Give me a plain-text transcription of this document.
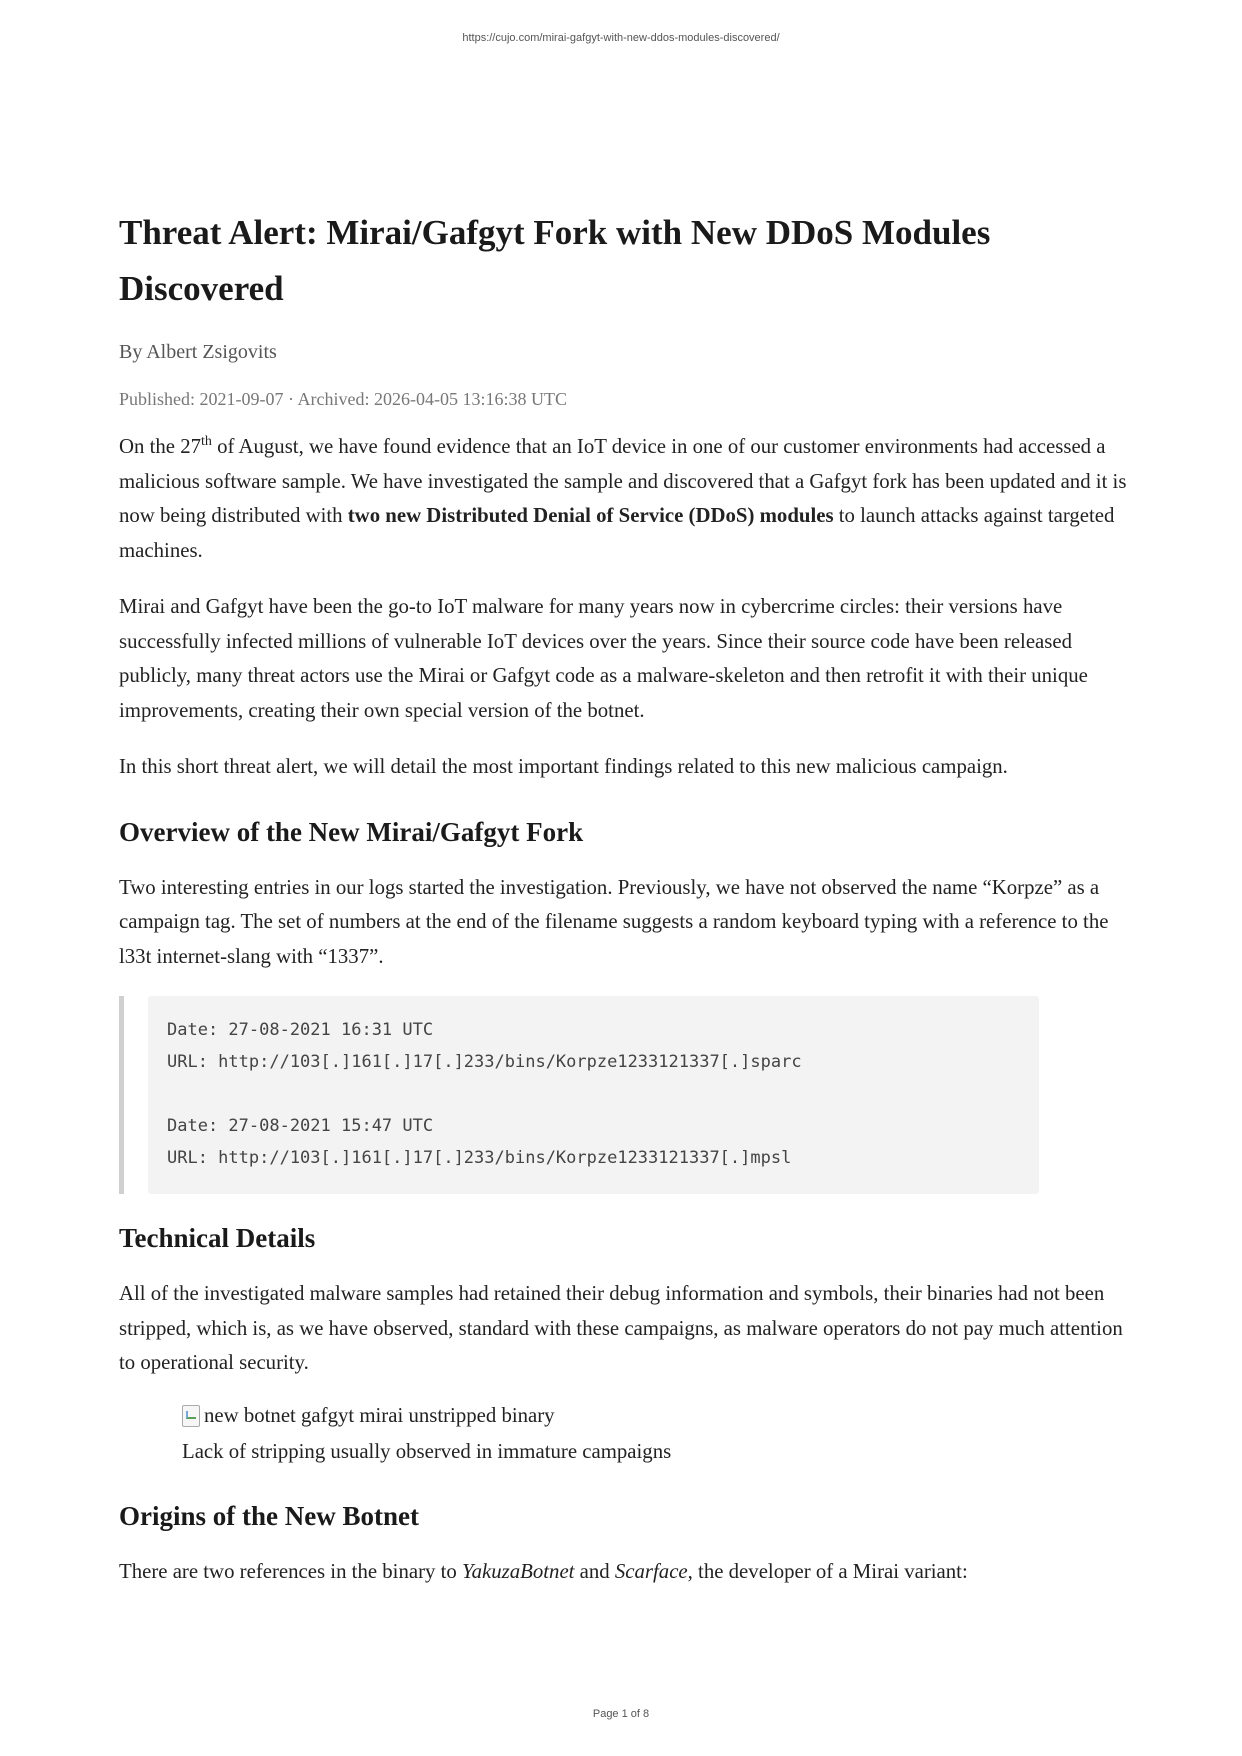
https://cujo.com/mirai-gafgyt-with-new-ddos-modules-discovered/
Threat Alert: Mirai/Gafgyt Fork with New DDoS Modules Discovered
By Albert Zsigovits
Published: 2021-09-07 · Archived: 2026-04-05 13:16:38 UTC

On the 27th of August, we have found evidence that an IoT device in one of our customer environments had accessed a malicious software sample. We have investigated the sample and discovered that a Gafgyt fork has been updated and it is now being distributed with two new Distributed Denial of Service (DDoS) modules to launch attacks against targeted machines.

Mirai and Gafgyt have been the go-to IoT malware for many years now in cybercrime circles: their versions have successfully infected millions of vulnerable IoT devices over the years. Since their source code have been released publicly, many threat actors use the Mirai or Gafgyt code as a malware-skeleton and then retrofit it with their unique improvements, creating their own special version of the botnet.

In this short threat alert, we will detail the most important findings related to this new malicious campaign.

Overview of the New Mirai/Gafgyt Fork

Two interesting entries in our logs started the investigation. Previously, we have not observed the name “Korpze” as a campaign tag. The set of numbers at the end of the filename suggests a random keyboard typing with a reference to the l33t internet-slang with “1337”.

Date: 27-08-2021 16:31 UTC
URL: http://103[.]161[.]17[.]233/bins/Korpze1233121337[.]sparc
Date: 27-08-2021 15:47 UTC
URL: http://103[.]161[.]17[.]233/bins/Korpze1233121337[.]mpsl
Technical Details

All of the investigated malware samples had retained their debug information and symbols, their binaries had not been stripped, which is, as we have observed, standard with these campaigns, as malware operators do not pay much attention to operational security.

new botnet gafgyt mirai unstripped binary
Lack of stripping usually observed in immature campaigns
Origins of the New Botnet

There are two references in the binary to YakuzaBotnet and Scarface, the developer of a Mirai variant:

Page 1 of 8
